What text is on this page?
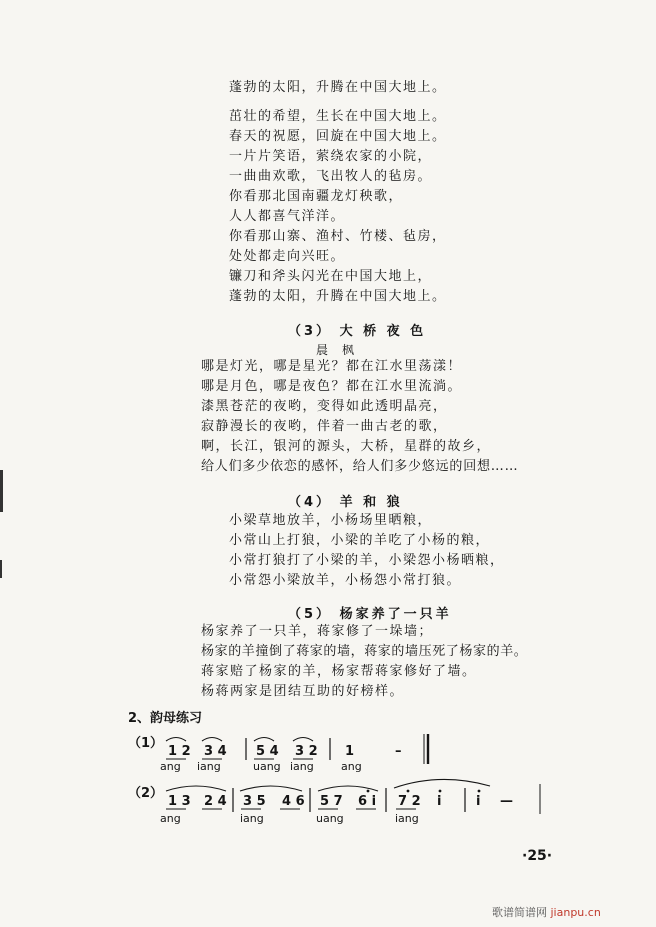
蓬勃的太阳，升腾在中国大地上。
茁壮的希望，生长在中国大地上。
春天的祝愿，回旋在中国大地上。
一片片笑语，萦绕农家的小院，
一曲曲欢歌，飞出牧人的毡房。
你看那北国南疆龙灯秧歌，
人人都喜气洋洋。
你看那山寨、渔村、竹楼、毡房，
处处都走向兴旺。
镰刀和斧头闪光在中国大地上，
蓬勃的太阳，升腾在中国大地上。
（3） 大 桥 夜 色
晨枫
哪是灯光，哪是星光？都在江水里荡漾！
哪是月色，哪是夜色？都在江水里流淌。
漆黑苍茫的夜哟，变得如此透明晶亮，
寂静漫长的夜哟，伴着一曲古老的歌，
啊，长江，银河的源头，大桥，星群的故乡，
给人们多少依恋的感怀，给人们多少悠远的回想……
（4） 羊 和 狼
小梁草地放羊，小杨场里晒粮，
小常山上打狼，小梁的羊吃了小杨的粮，
小常打狼打了小梁的羊，小梁怨小杨晒粮，
小常怨小梁放羊，小杨怨小常打狼。
（5） 杨家养了一只羊
杨家养了一只羊，蒋家修了一垛墙；
杨家的羊撞倒了蒋家的墙，蒋家的墙压死了杨家的羊。
蒋家赔了杨家的羊，杨家帮蒋家修好了墙。
杨蒋两家是团结互助的好榜样。
2、韵母练习
（1）
1 2
ang
3 4
iang
5 4
uang
3 2
iang
1
ang
–
（2）
1 3
ang
2 4 3 5
iang
4 6 5 7
uang
6 i 7 2
iang
i	i —
·25·
歌谱简谱网 jianpu.cn
